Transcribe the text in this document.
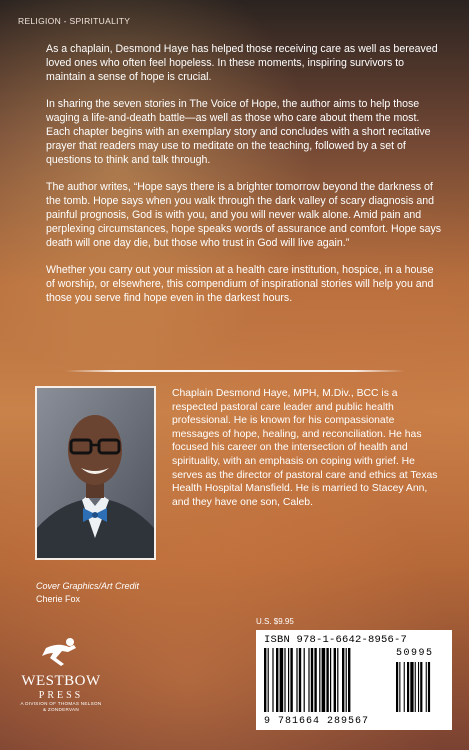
RELIGION - SPIRITUALITY

As a chaplain, Desmond Haye has helped those receiving care as well as bereaved loved ones who often feel hopeless. In these moments, inspiring survivors to maintain a sense of hope is crucial.

In sharing the seven stories in The Voice of Hope, the author aims to help those waging a life-and-death battle—as well as those who care about them the most. Each chapter begins with an exemplary story and concludes with a short recitative prayer that readers may use to meditate on the teaching, followed by a set of questions to think and talk through.

The author writes, “Hope says there is a brighter tomorrow beyond the darkness of the tomb. Hope says when you walk through the dark valley of scary diagnosis and painful prognosis, God is with you, and you will never walk alone. Amid pain and perplexing circumstances, hope speaks words of assurance and comfort. Hope says death will one day die, but those who trust in God will live again.”

Whether you carry out your mission at a health care institution, hospice, in a house of worship, or elsewhere, this compendium of inspirational stories will help you and those you serve find hope even in the darkest hours.

Chaplain Desmond Haye, MPH, M.Div., BCC is a respected pastoral care leader and public health professional. He is known for his compassionate messages of hope, healing, and reconciliation. He has focused his career on the intersection of health and spirituality, with an emphasis on coping with grief. He serves as the director of pastoral care and ethics at Texas Health Hospital Mansfield. He is married to Stacey Ann, and they have one son, Caleb.
Cover Graphics/Art Credit
Cherie Fox
WESTBOW
PRESS
A DIVISION OF THOMAS NELSON
& ZONDERVAN
U.S. $9.95
ISBN 978-1-6642-8956-7
50995
9 781664 289567
